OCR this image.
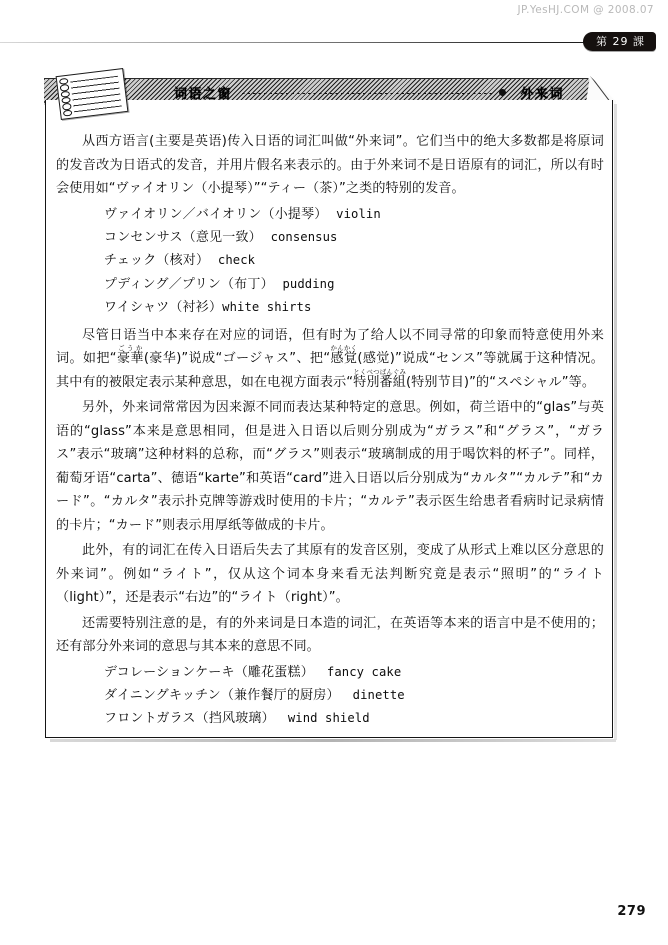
JP.YesHJ.COM @ 2008.07
第 29 課
词语之窗	外来词

从西方语言(主要是英语)传入日语的词汇叫做“外来词”。它们当中的绝大多数都是将原词的发音改为日语式的发音，并用片假名来表示的。由于外来词不是日语原有的词汇，所以有时会使用如“ヴァイオリン（小提琴）”“ティー（茶）”之类的特别的发音。

ヴァイオリン／バイオリン（小提琴） violin
コンセンサス（意见一致） consensus
チェック（核对） check
プディング／プリン（布丁） pudding
ワイシャツ（衬衫）white shirts

尽管日语当中本来存在对应的词语，但有时为了给人以不同寻常的印象而特意使用外来词。如把“豪華ごうか(豪华)”说成“ゴージャス”、把“感覚かんかく(感觉)”说成“センス”等就属于这种情况。其中有的被限定表示某种意思，如在电视方面表示“特別番組とくべつばんぐみ(特别节目)”的“スペシャル”等。

另外，外来词常常因为因来源不同而表达某种特定的意思。例如，荷兰语中的“glas”与英语的“glass”本来是意思相同，但是进入日语以后则分别成为“ガラス”和“グラス”，“ガラス”表示“玻璃”这种材料的总称，而“グラス”则表示“玻璃制成的用于喝饮料的杯子”。同样，葡萄牙语“carta”、德语“karte”和英语“card”进入日语以后分别成为“カルタ”“カルテ”和“カード”。“カルタ”表示扑克牌等游戏时使用的卡片；“カルテ”表示医生给患者看病时记录病情的卡片；“カード”则表示用厚纸等做成的卡片。

此外，有的词汇在传入日语后失去了其原有的发音区别，变成了从形式上难以区分意思的外来词”。例如“ライト”，仅从这个词本身来看无法判断究竟是表示“照明”的“ライト（light）”，还是表示“右边”的“ライト（right）”。

还需要特别注意的是，有的外来词是日本造的词汇，在英语等本来的语言中是不使用的；还有部分外来词的意思与其本来的意思不同。

デコレーションケーキ（雕花蛋糕） fancy cake
ダイニングキッチン（兼作餐厅的厨房） dinette
フロントガラス（挡风玻璃） wind shield
279
